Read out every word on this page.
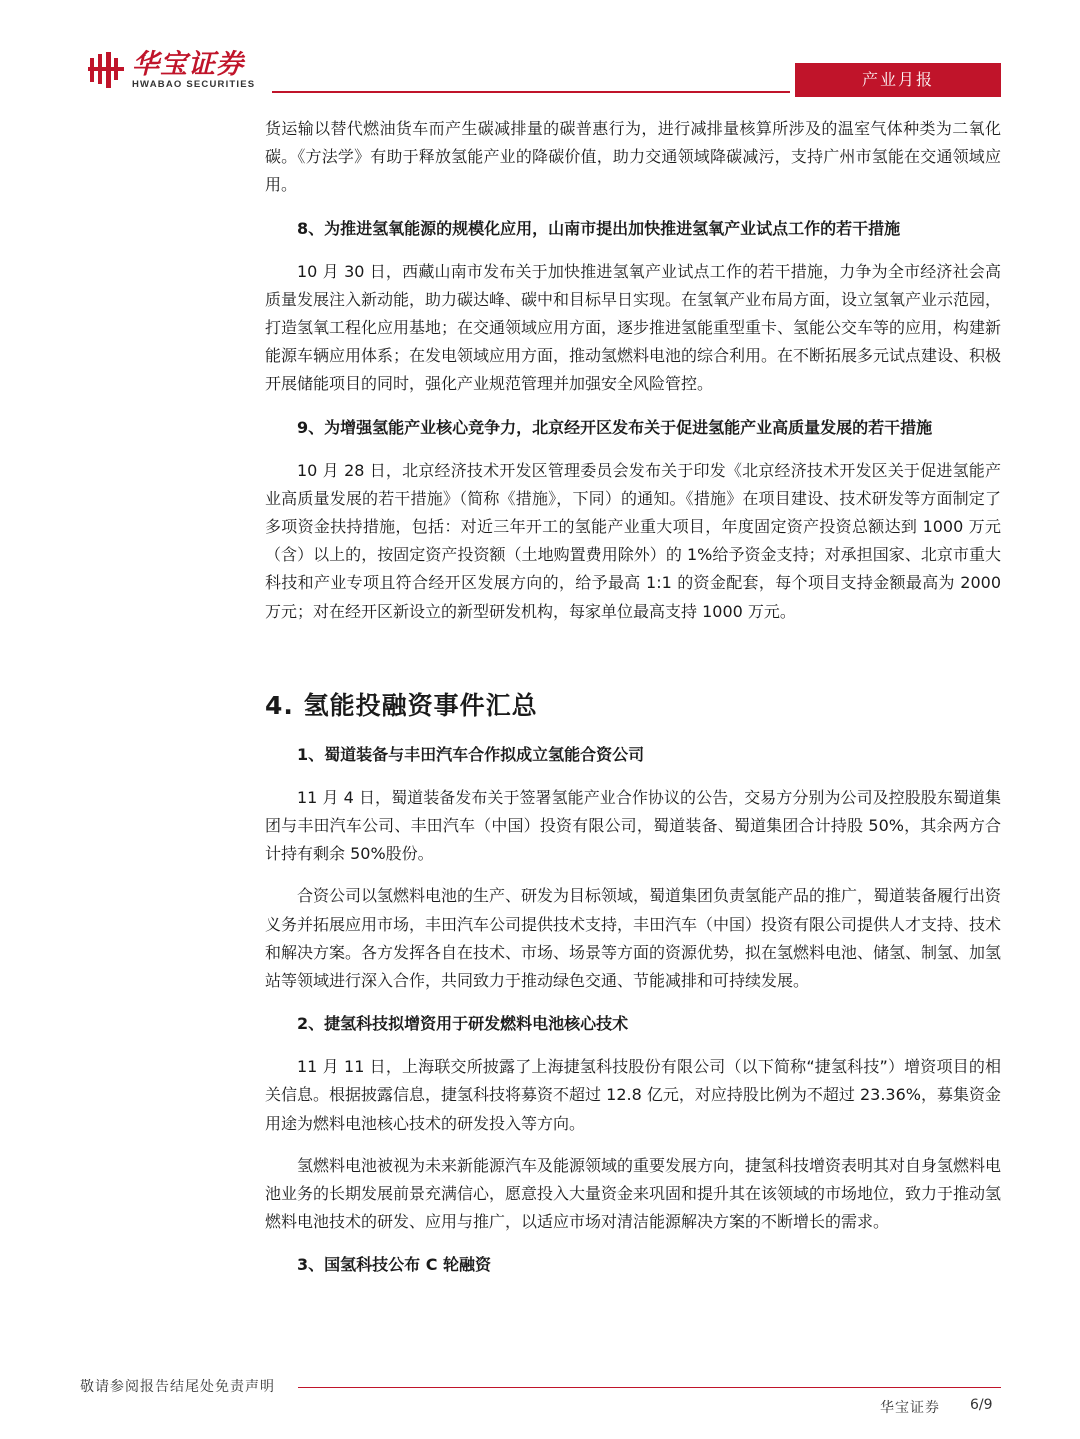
华宝证券
HWABAO SECURITIES	产业月报

货运输以替代燃油货车而产生碳减排量的碳普惠行为，进行减排量核算所涉及的温室气体种类为二氧化碳。《方法学》有助于释放氢能产业的降碳价值，助力交通领域降碳减污，支持广州市氢能在交通领域应用。

8、为推进氢氧能源的规模化应用，山南市提出加快推进氢氧产业试点工作的若干措施

10 月 30 日，西藏山南市发布关于加快推进氢氧产业试点工作的若干措施，力争为全市经济社会高质量发展注入新动能，助力碳达峰、碳中和目标早日实现。在氢氧产业布局方面，设立氢氧产业示范园，打造氢氧工程化应用基地；在交通领域应用方面，逐步推进氢能重型重卡、氢能公交车等的应用，构建新能源车辆应用体系；在发电领域应用方面，推动氢燃料电池的综合利用。在不断拓展多元试点建设、积极开展储能项目的同时，强化产业规范管理并加强安全风险管控。

9、为增强氢能产业核心竞争力，北京经开区发布关于促进氢能产业高质量发展的若干措施

10 月 28 日，北京经济技术开发区管理委员会发布关于印发《北京经济技术开发区关于促进氢能产业高质量发展的若干措施》（简称《措施》，下同）的通知。《措施》在项目建设、技术研发等方面制定了多项资金扶持措施，包括：对近三年开工的氢能产业重大项目，年度固定资产投资总额达到 1000 万元（含）以上的，按固定资产投资额（土地购置费用除外）的 1%给予资金支持；对承担国家、北京市重大科技和产业专项且符合经开区发展方向的，给予最高 1:1 的资金配套，每个项目支持金额最高为 2000 万元；对在经开区新设立的新型研发机构，每家单位最高支持 1000 万元。

4. 氢能投融资事件汇总
1、蜀道装备与丰田汽车合作拟成立氢能合资公司

11 月 4 日，蜀道装备发布关于签署氢能产业合作协议的公告，交易方分别为公司及控股股东蜀道集团与丰田汽车公司、丰田汽车（中国）投资有限公司，蜀道装备、蜀道集团合计持股 50%，其余两方合计持有剩余 50%股份。

合资公司以氢燃料电池的生产、研发为目标领域，蜀道集团负责氢能产品的推广，蜀道装备履行出资义务并拓展应用市场，丰田汽车公司提供技术支持，丰田汽车（中国）投资有限公司提供人才支持、技术和解决方案。各方发挥各自在技术、市场、场景等方面的资源优势，拟在氢燃料电池、储氢、制氢、加氢站等领域进行深入合作，共同致力于推动绿色交通、节能减排和可持续发展。

2、捷氢科技拟增资用于研发燃料电池核心技术

11 月 11 日，上海联交所披露了上海捷氢科技股份有限公司（以下简称“捷氢科技”）增资项目的相关信息。根据披露信息，捷氢科技将募资不超过 12.8 亿元，对应持股比例为不超过 23.36%，募集资金用途为燃料电池核心技术的研发投入等方向。

氢燃料电池被视为未来新能源汽车及能源领域的重要发展方向，捷氢科技增资表明其对自身氢燃料电池业务的长期发展前景充满信心，愿意投入大量资金来巩固和提升其在该领域的市场地位，致力于推动氢燃料电池技术的研发、应用与推广，以适应市场对清洁能源解决方案的不断增长的需求。

3、国氢科技公布 C 轮融资
敬请参阅报告结尾处免责声明
华宝证券 6/9
